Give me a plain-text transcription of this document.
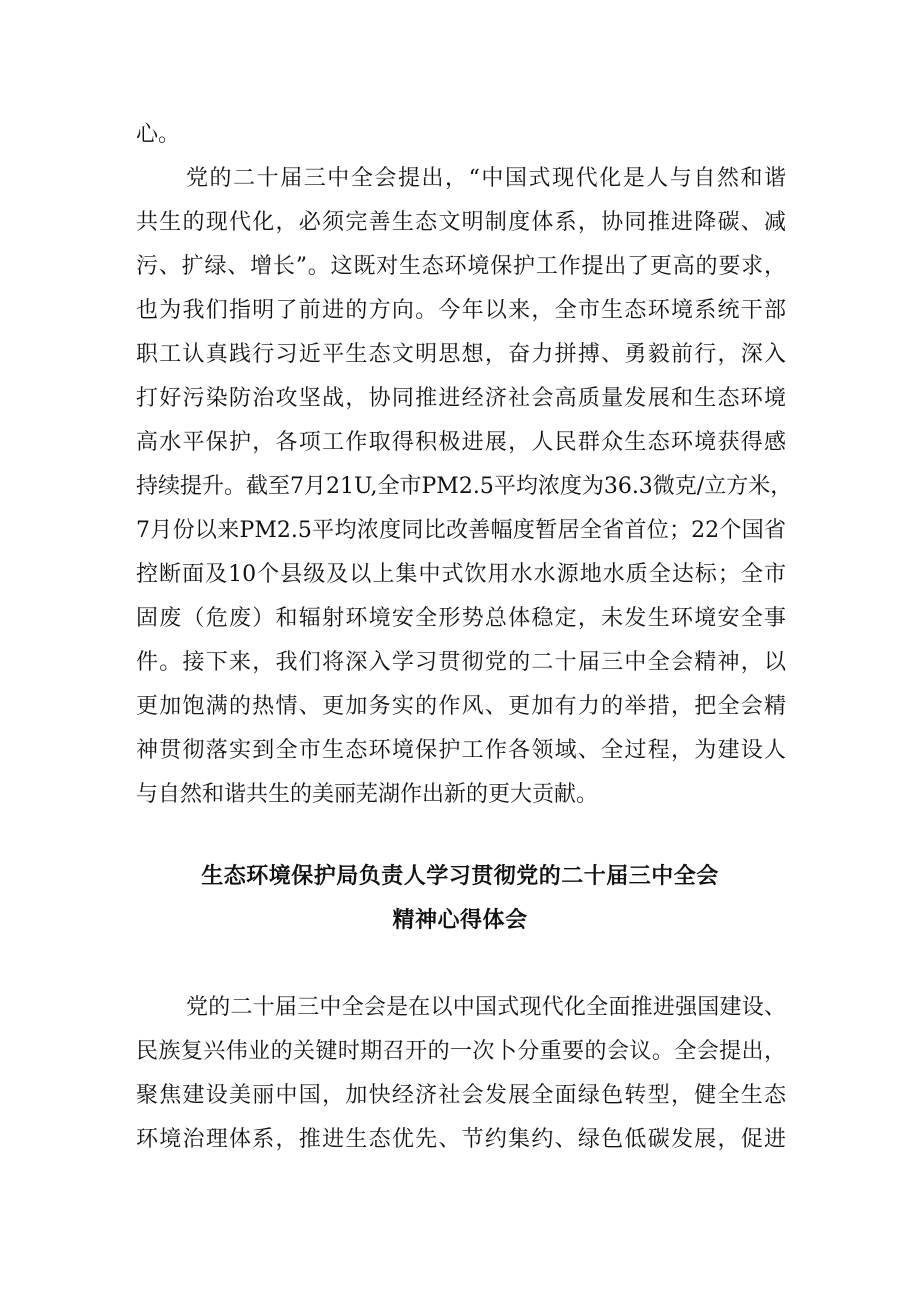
心。
党的二十届三中全会提出，“中国式现代化是人与自然和谐
共生的现代化，必须完善生态文明制度体系，协同推进降碳、减
污、扩绿、增长”。这既对生态环境保护工作提出了更高的要求，
也为我们指明了前进的方向。今年以来，全市生态环境系统干部
职工认真践行习近平生态文明思想，奋力拼搏、勇毅前行，深入
打好污染防治攻坚战，协同推进经济社会高质量发展和生态环境
高水平保护，各项工作取得积极进展，人民群众生态环境获得感
持续提升。截至7月21U,全市PM2.5平均浓度为36.3微克/立方米，
7月份以来PM2.5平均浓度同比改善幅度暂居全省首位；22个国省
控断面及10个县级及以上集中式饮用水水源地水质全达标；全市
固废（危废）和辐射环境安全形势总体稳定，未发生环境安全事
件。接下来，我们将深入学习贯彻党的二十届三中全会精神，以
更加饱满的热情、更加务实的作风、更加有力的举措，把全会精
神贯彻落实到全市生态环境保护工作各领域、全过程，为建设人
与自然和谐共生的美丽芜湖作出新的更大贡献。
生态环境保护局负责人学习贯彻党的二十届三中全会
精神心得体会
党的二十届三中全会是在以中国式现代化全面推进强国建设、
民族复兴伟业的关键时期召开的一次卜分重要的会议。全会提出，
聚焦建设美丽中国，加快经济社会发展全面绿色转型，健全生态
环境治理体系，推进生态优先、节约集约、绿色低碳发展，促进
